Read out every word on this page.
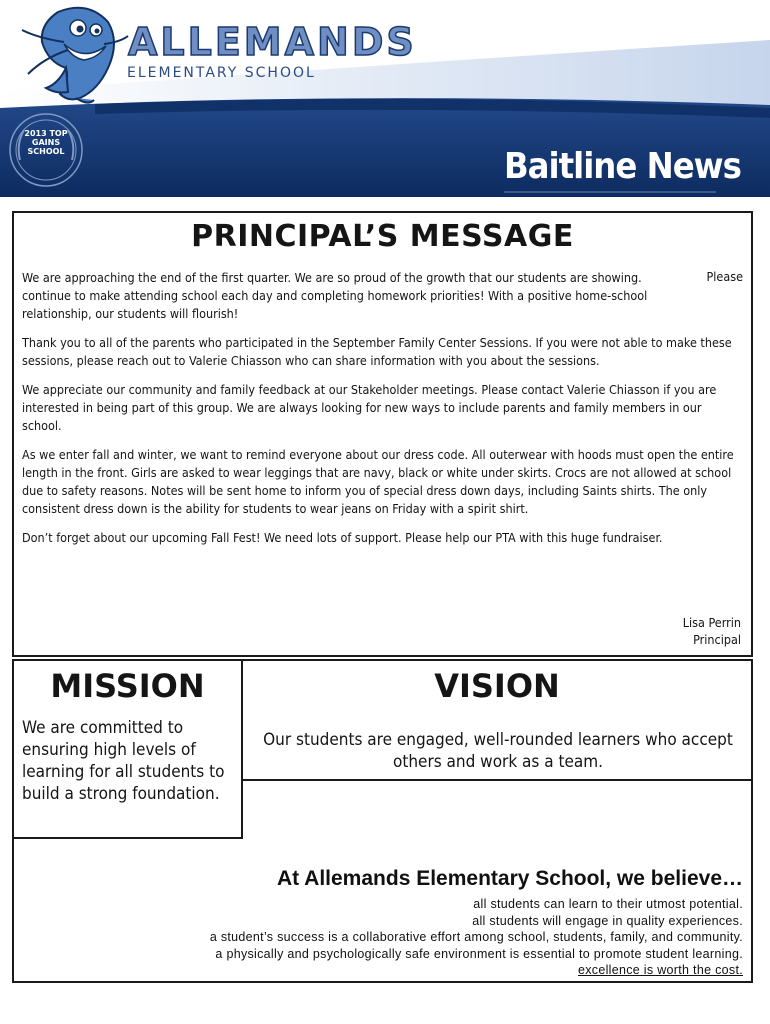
ALLEMANDS
ELEMENTARY SCHOOL
2013 TOP GAINS SCHOOL	Baitline News
PRINCIPAL’S MESSAGE
Please

We are approaching the end of the first quarter. We are so proud of the growth that our students are showing. continue to make attending school each day and completing homework priorities! With a positive home-school relationship, our students will flourish!

Thank you to all of the parents who participated in the September Family Center Sessions. If you were not able to make these sessions, please reach out to Valerie Chiasson who can share information with you about the sessions.

We appreciate our community and family feedback at our Stakeholder meetings. Please contact Valerie Chiasson if you are interested in being part of this group. We are always looking for new ways to include parents and family members in our school.

As we enter fall and winter, we want to remind everyone about our dress code. All outerwear with hoods must open the entire length in the front. Girls are asked to wear leggings that are navy, black or white under skirts. Crocs are not allowed at school due to safety reasons. Notes will be sent home to inform you of special dress down days, including Saints shirts. The only consistent dress down is the ability for students to wear jeans on Friday with a spirit shirt.

Don’t forget about our upcoming Fall Fest! We need lots of support. Please help our PTA with this huge fundraiser.

Lisa Perrin
Principal
MISSION
We are committed to ensuring high levels of learning for all students to build a strong foundation.
VISION
Our students are engaged, well-rounded learners who accept others and work as a team.
At Allemands Elementary School, we believe…
all students can learn to their utmost potential.
all students will engage in quality experiences.
a student’s success is a collaborative effort among school, students, family, and community.
a physically and psychologically safe environment is essential to promote student learning.
excellence is worth the cost.
